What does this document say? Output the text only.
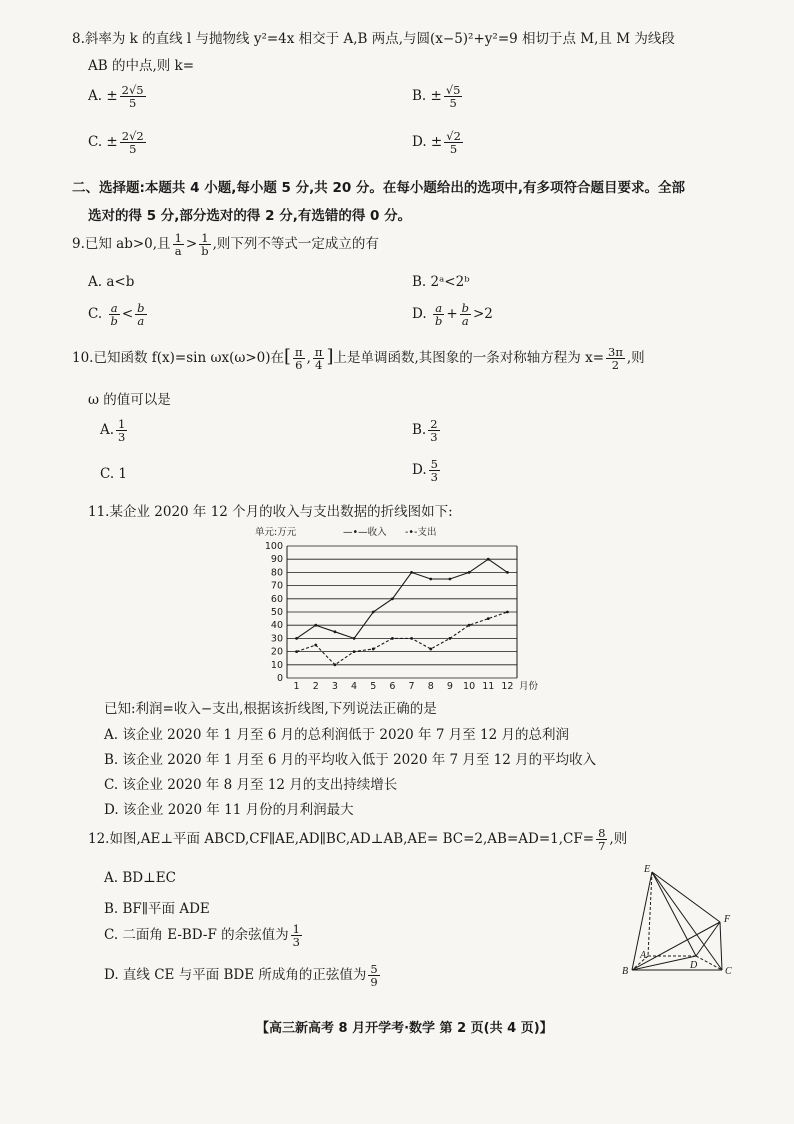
8.斜率为 k 的直线 l 与抛物线 y²=4x 相交于 A,B 两点,与圆(x−5)²+y²=9 相切于点 M,且 M 为线段
AB 的中点,则 k=
A. ± $\frac{2√5}{5}$	B. ± $\frac{√5}{5}$
C. ± $\frac{2√2}{5}$	D. ± $\frac{√2}{5}$
二、选择题:本题共 4 小题,每小题 5 分,共 20 分。在每小题给出的选项中,有多项符合题目要求。全部
选对的得 5 分,部分选对的得 2 分,有选错的得 0 分。
9.已知 ab>0,且 $\frac{1}{a} > \frac{1}{b}$ ,则下列不等式一定成立的有
A. a<b	B. 2ᵃ<2ᵇ
C. $\frac{a}{b} < \frac{b}{a}$	D. $\frac{a}{b} + \frac{b}{a} >2$
10.已知函数 f(x)=sin ωx(ω>0)在[ $\frac{\pi}{6}$ , $\frac{\pi}{4}$ ]上是单调函数,其图象的一条对称轴方程为 $x= \frac{3\pi}{2}$ ,则
ω 的值可以是
A. $\frac{1}{3}$	B. $\frac{2}{3}$
C. 1	D. $\frac{5}{3}$
11.某企业 2020 年 12 个月的收入与支出数据的折线图如下:
0
10
20
30
40
50
60
70
80
90
100
1 2 3 4 5 6 7 8 9 10 11 12 月份
单元:万元	—•—收入 -•-支出
已知:利润=收入−支出,根据该折线图,下列说法正确的是
A. 该企业 2020 年 1 月至 6 月的总利润低于 2020 年 7 月至 12 月的总利润
B. 该企业 2020 年 1 月至 6 月的平均收入低于 2020 年 7 月至 12 月的平均收入
C. 该企业 2020 年 8 月至 12 月的支出持续增长
D. 该企业 2020 年 11 月份的月利润最大
12.如图,AE⊥平面 ABCD,CF∥AE,AD∥BC,AD⊥AB,AE= $BC=2,AB=AD=1,CF= \frac{8}{7}$ ,则
A. BD⊥EC
B. BF∥平面 ADE
C. 二面角 E-BD-F 的余弦值为 $\frac{1}{3}$
D. 直线 CE 与平面 BDE 所成角的正弦值为 $\frac{5}{9}$
E
F
A
D
B	C
【高三新高考 8 月开学考·数学 第 2 页(共 4 页)】
